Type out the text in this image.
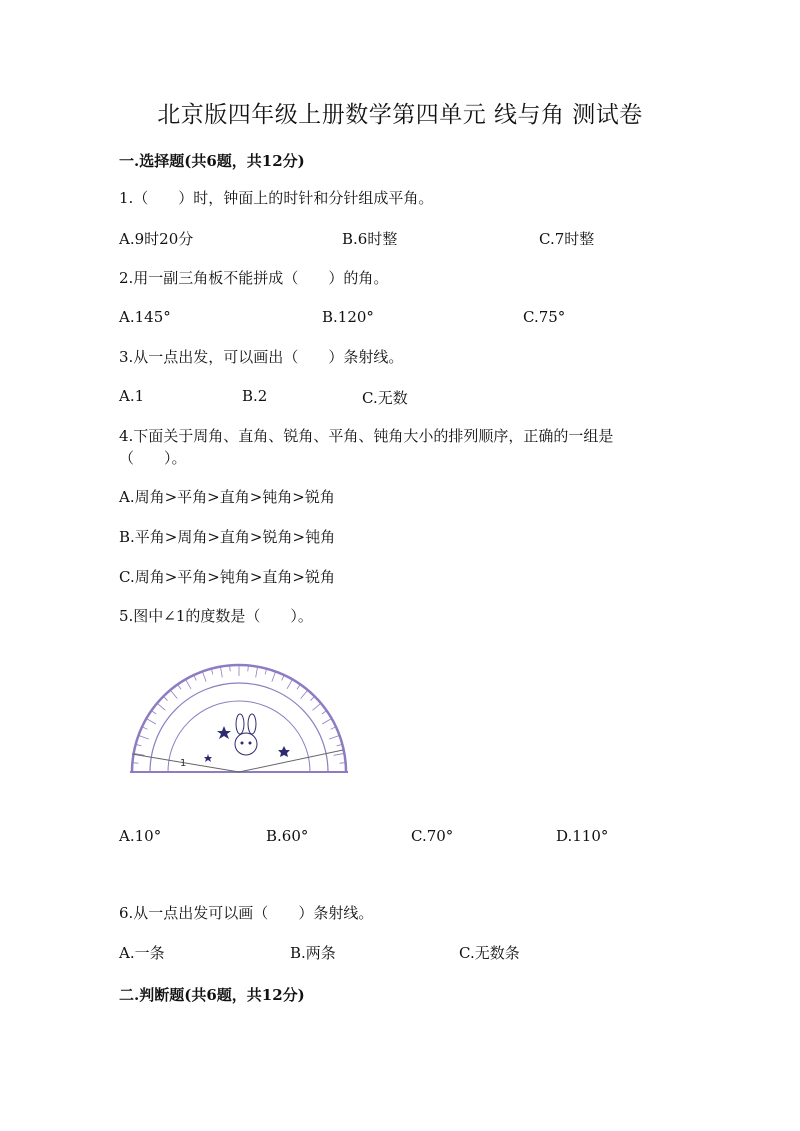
北京版四年级上册数学第四单元 线与角 测试卷
一.选择题(共6题，共12分)
1.（　　）时，钟面上的时针和分针组成平角。
A.9时20分	B.6时整	C.7时整
2.用一副三角板不能拼成（　　）的角。
A.145°	B.120°	C.75°
3.从一点出发，可以画出（　　）条射线。
A.1	B.2	C.无数
4.下面关于周角、直角、锐角、平角、钝角大小的排列顺序，正确的一组是
（　　）。
A.周角>平角>直角>钝角>锐角
B.平角>周角>直角>锐角>钝角
C.周角>平角>钝角>直角>锐角
5.图中∠1的度数是（　　）。
1
A.10°	B.60°	C.70°	D.110°
6.从一点出发可以画（　　）条射线。
A.一条	B.两条	C.无数条
二.判断题(共6题，共12分)
